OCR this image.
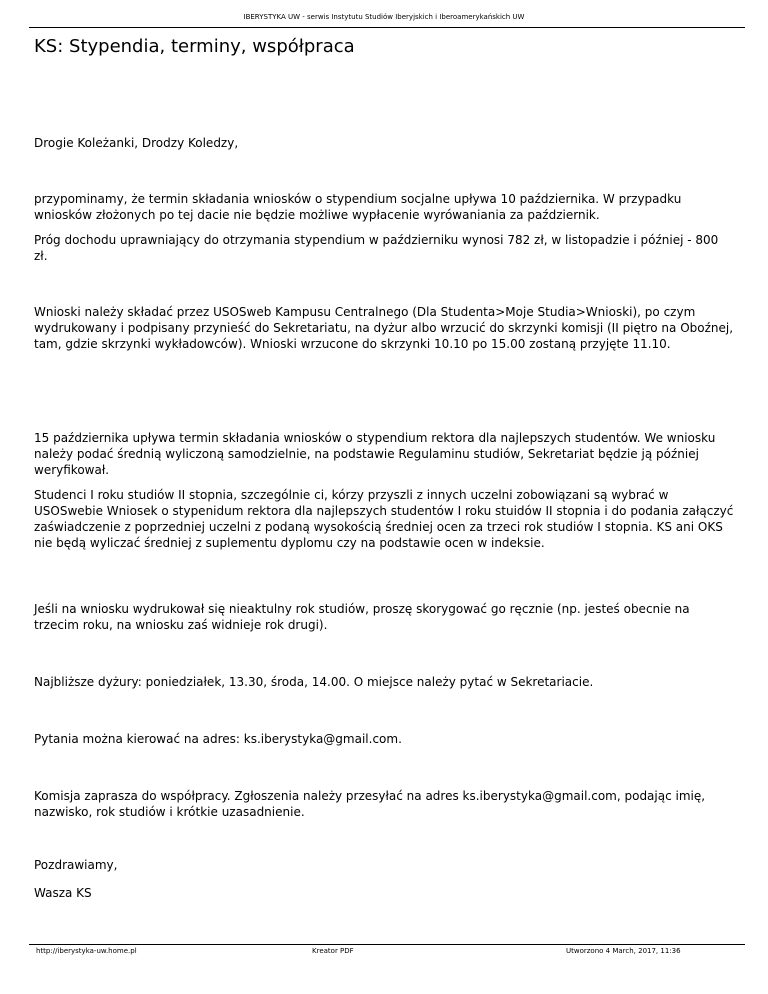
IBERYSTYKA UW - serwis Instytutu Studiów Iberyjskich i Iberoamerykańskich UW
KS: Stypendia, terminy, współpraca

Drogie Koleżanki, Drodzy Koledzy,

przypominamy, że termin składania wniosków o stypendium socjalne upływa 10 października. W przypadku wniosków złożonych po tej dacie nie będzie możliwe wypłacenie wyrówaniania za październik.

Próg dochodu uprawniający do otrzymania stypendium w październiku wynosi 782 zł, w listopadzie i później - 800 zł.

Wnioski należy składać przez USOSweb Kampusu Centralnego (Dla Studenta>Moje Studia>Wnioski), po czym wydrukowany i podpisany przynieść do Sekretariatu, na dyżur albo wrzucić do skrzynki komisji (II piętro na Oboźnej, tam, gdzie skrzynki wykładowców). Wnioski wrzucone do skrzynki 10.10 po 15.00 zostaną przyjęte 11.10.

15 października upływa termin składania wniosków o stypendium rektora dla najlepszych studentów. We wniosku należy podać średnią wyliczoną samodzielnie, na podstawie Regulaminu studiów, Sekretariat będzie ją później weryfikował.

Studenci I roku studiów II stopnia, szczególnie ci, kórzy przyszli z innych uczelni zobowiązani są wybrać w USOSwebie Wniosek o stypenidum rektora dla najlepszych studentów I roku stuidów II stopnia i do podania załączyć zaświadczenie z poprzedniej uczelni z podaną wysokością średniej ocen za trzeci rok studiów I stopnia. KS ani OKS nie będą wyliczać średniej z suplementu dyplomu czy na podstawie ocen w indeksie.

Jeśli na wniosku wydrukował się nieaktulny rok studiów, proszę skorygować go ręcznie (np. jesteś obecnie na trzecim roku, na wniosku zaś widnieje rok drugi).

Najbliższe dyżury: poniedziałek, 13.30, środa, 14.00. O miejsce należy pytać w Sekretariacie.

Pytania można kierować na adres: ks.iberystyka@gmail.com.

Komisja zaprasza do współpracy. Zgłoszenia należy przesyłać na adres ks.iberystyka@gmail.com, podając imię, nazwisko, rok studiów i krótkie uzasadnienie.

Pozdrawiamy,

Wasza KS

http://iberystyka-uw.home.pl	Kreator PDF	Utworzono 4 March, 2017, 11:36
